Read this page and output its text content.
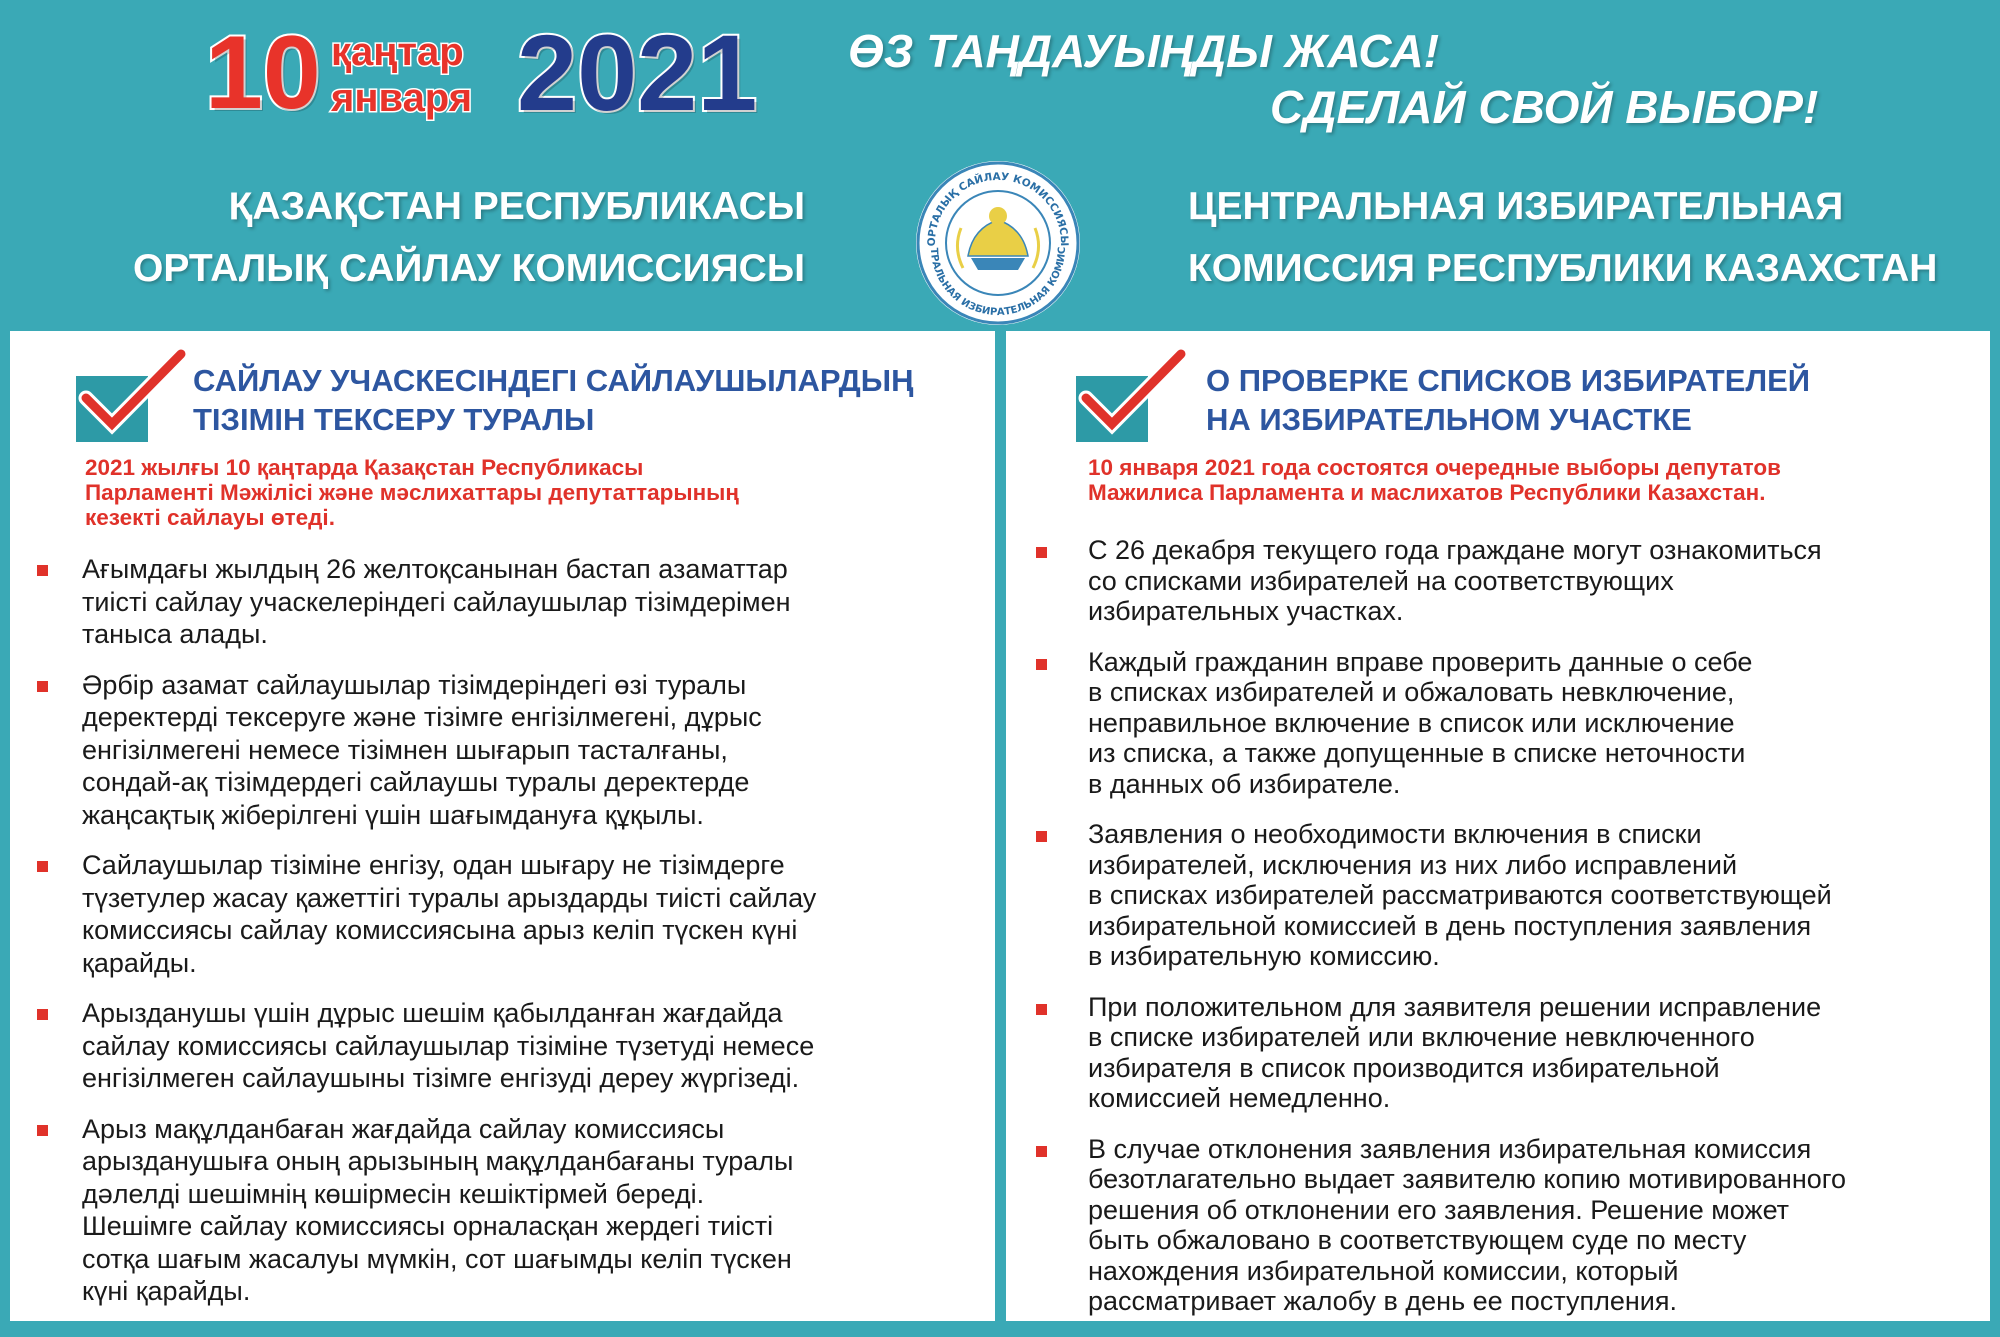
10 қаңтар
января 2021 ӨЗ ТАҢДАУЫҢДЫ ЖАСА!
СДЕЛАЙ СВОЙ ВЫБОР!
ҚАЗАҚСТАН РЕСПУБЛИКАСЫ
ОРТАЛЫҚ САЙЛАУ КОМИССИЯСЫ
ОРТАЛЫҚ САЙЛАУ КОМИССИЯСЫ
ТРАЛЬНАЯ ИЗБИРАТЕЛЬНАЯ КОМИС
ЦЕНТРАЛЬНАЯ ИЗБИРАТЕЛЬНАЯ
КОМИССИЯ РЕСПУБЛИКИ КАЗАХСТАН
САЙЛАУ УЧАСКЕСІНДЕГІ САЙЛАУШЫЛАРДЫҢ
ТІЗІМІН ТЕКСЕРУ ТУРАЛЫ
2021 жылғы 10 қаңтарда Қазақстан Республикасы
Парламенті Мәжілісі және мәслихаттары депутаттарының
кезекті сайлауы өтеді.
Ағымдағы жылдың 26 желтоқсанынан бастап азаматтар
тиісті сайлау учаскелеріндегі сайлаушылар тізімдерімен
таныса алады.
Әрбір азамат сайлаушылар тізімдеріндегі өзі туралы
деректерді тексеруге және тізімге енгізілмегені, дұрыс
енгізілмегені немесе тізімнен шығарып тасталғаны,
сондай-ақ тізімдердегі сайлаушы туралы деректерде
жаңсақтық жіберілгені үшін шағымдануға құқылы.
Сайлаушылар тізіміне енгізу, одан шығару не тізімдерге
түзетулер жасау қажеттігі туралы арыздарды тиісті сайлау
комиссиясы сайлау комиссиясына арыз келіп түскен күні
қарайды.
Арызданушы үшін дұрыс шешім қабылданған жағдайда
сайлау комиссиясы сайлаушылар тізіміне түзетуді немесе
енгізілмеген сайлаушыны тізімге енгізуді дереу жүргізеді.
Арыз мақұлданбаған жағдайда сайлау комиссиясы
арызданушыға оның арызының мақұлданбағаны туралы
дәлелді шешімнің көшірмесін кешіктірмей береді.
Шешімге сайлау комиссиясы орналасқан жердегі тиісті
сотқа шағым жасалуы мүмкін, сот шағымды келіп түскен
күні қарайды.
О ПРОВЕРКЕ СПИСКОВ ИЗБИРАТЕЛЕЙ
НА ИЗБИРАТЕЛЬНОМ УЧАСТКЕ
10 января 2021 года состоятся очередные выборы депутатов
Мажилиса Парламента и маслихатов Республики Казахстан.
С 26 декабря текущего года граждане могут ознакомиться
со списками избирателей на соответствующих
избирательных участках.
Каждый гражданин вправе проверить данные о себе
в списках избирателей и обжаловать невключение,
неправильное включение в список или исключение
из списка, а также допущенные в списке неточности
в данных об избирателе.
Заявления о необходимости включения в списки
избирателей, исключения из них либо исправлений
в списках избирателей рассматриваются соответствующей
избирательной комиссией в день поступления заявления
в избирательную комиссию.
При положительном для заявителя решении исправление
в списке избирателей или включение невключенного
избирателя в список производится избирательной
комиссией немедленно.
В случае отклонения заявления избирательная комиссия
безотлагательно выдает заявителю копию мотивированного
решения об отклонении его заявления. Решение может
быть обжаловано в соответствующем суде по месту
нахождения избирательной комиссии, который
рассматривает жалобу в день ее поступления.
